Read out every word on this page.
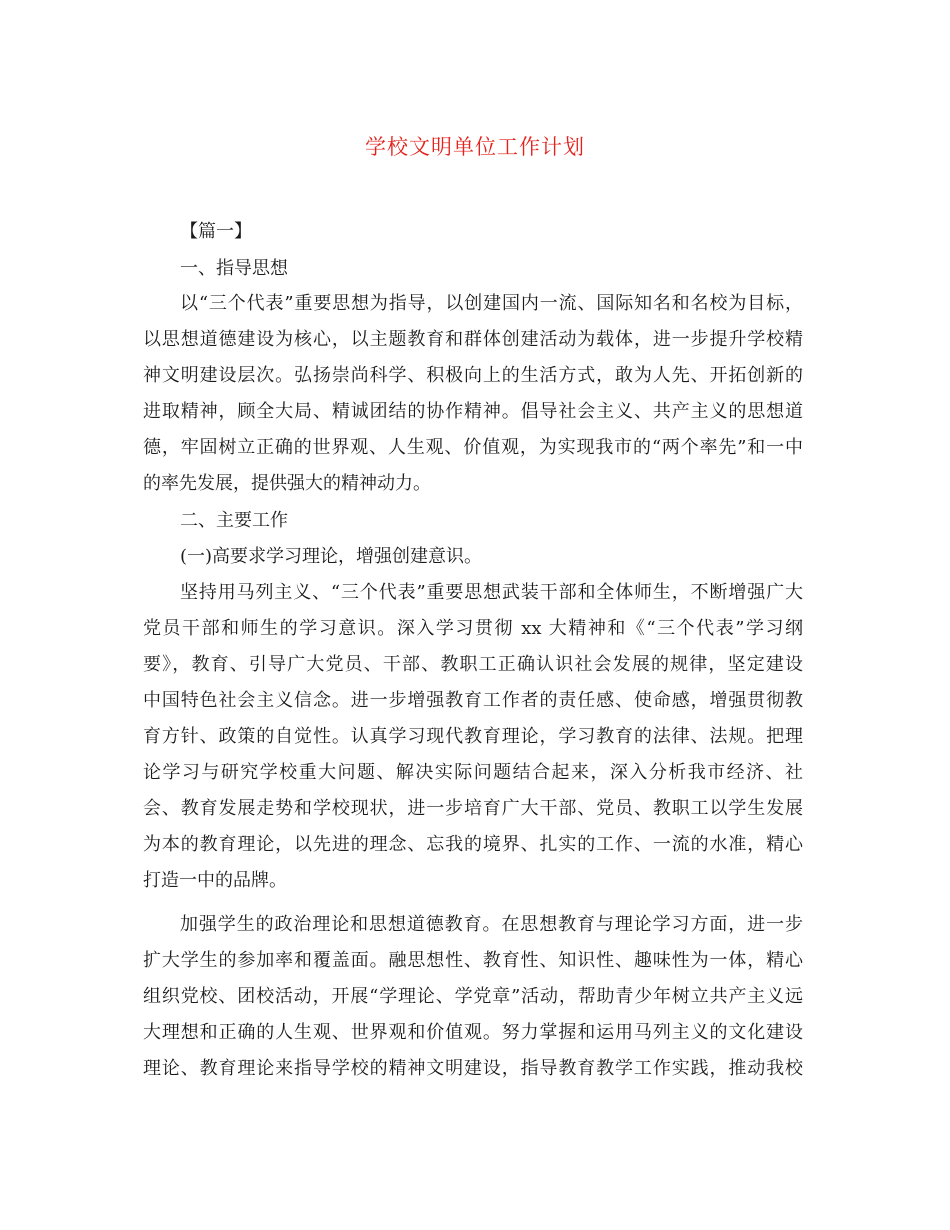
学校文明单位工作计划
【篇一】
一、指导思想
以“三个代表”重要思想为指导，以创建国内一流、国际知名和名校为目标，
以思想道德建设为核心，以主题教育和群体创建活动为载体，进一步提升学校精
神文明建设层次。弘扬崇尚科学、积极向上的生活方式，敢为人先、开拓创新的
进取精神，顾全大局、精诚团结的协作精神。倡导社会主义、共产主义的思想道
德，牢固树立正确的世界观、人生观、价值观，为实现我市的“两个率先”和一中
的率先发展，提供强大的精神动力。
二、主要工作
(一)高要求学习理论，增强创建意识。
坚持用马列主义、“三个代表”重要思想武装干部和全体师生，不断增强广大
党员干部和师生的学习意识。深入学习贯彻 xx 大精神和《“三个代表”学习纲
要》，教育、引导广大党员、干部、教职工正确认识社会发展的规律，坚定建设
中国特色社会主义信念。进一步增强教育工作者的责任感、使命感，增强贯彻教
育方针、政策的自觉性。认真学习现代教育理论，学习教育的法律、法规。把理
论学习与研究学校重大问题、解决实际问题结合起来，深入分析我市经济、社
会、教育发展走势和学校现状，进一步培育广大干部、党员、教职工以学生发展
为本的教育理论，以先进的理念、忘我的境界、扎实的工作、一流的水准，精心
打造一中的品牌。
加强学生的政治理论和思想道德教育。在思想教育与理论学习方面，进一步
扩大学生的参加率和覆盖面。融思想性、教育性、知识性、趣味性为一体，精心
组织党校、团校活动，开展“学理论、学党章”活动，帮助青少年树立共产主义远
大理想和正确的人生观、世界观和价值观。努力掌握和运用马列主义的文化建设
理论、教育理论来指导学校的精神文明建设，指导教育教学工作实践，推动我校
